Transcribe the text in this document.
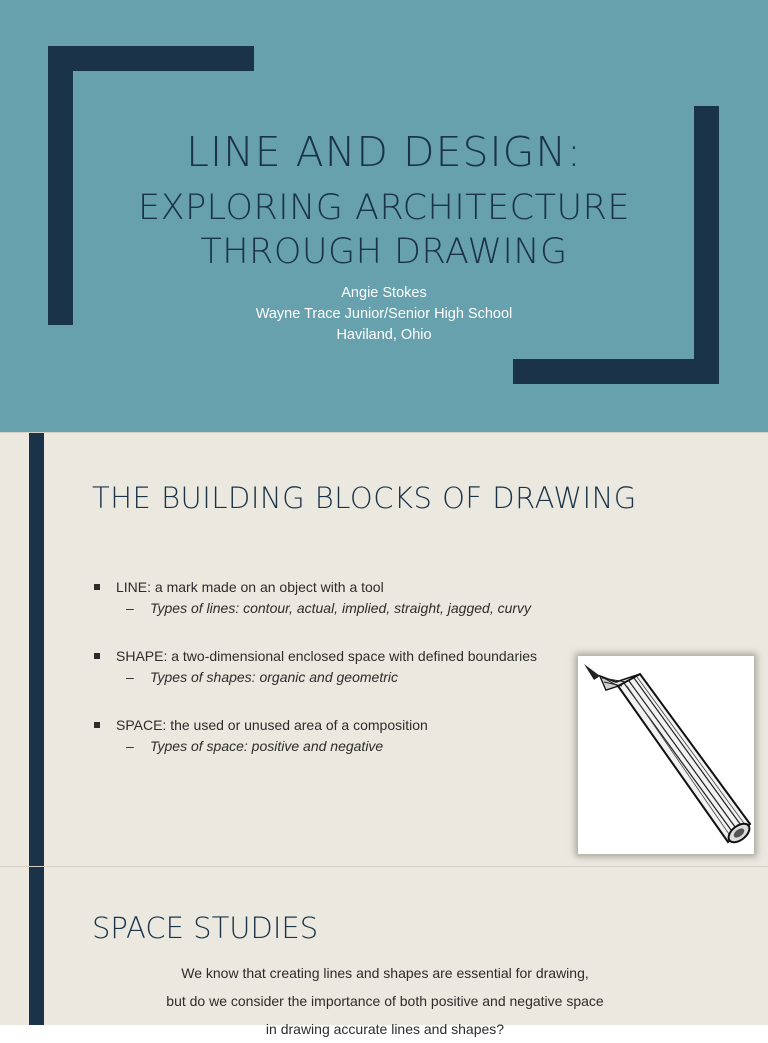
LINE AND DESIGN:
EXPLORING ARCHITECTURE
THROUGH DRAWING
Angie Stokes
Wayne Trace Junior/Senior High School
Haviland, Ohio
THE BUILDING BLOCKS OF DRAWING
LINE: a mark made on an object with a tool
– Types of lines: contour, actual, implied, straight, jagged, curvy
SHAPE: a two-dimensional enclosed space with defined boundaries
– Types of shapes: organic and geometric
SPACE: the used or unused area of a composition
– Types of space: positive and negative
SPACE STUDIES
We know that creating lines and shapes are essential for drawing,
but do we consider the importance of both positive and negative space
in drawing accurate lines and shapes?
